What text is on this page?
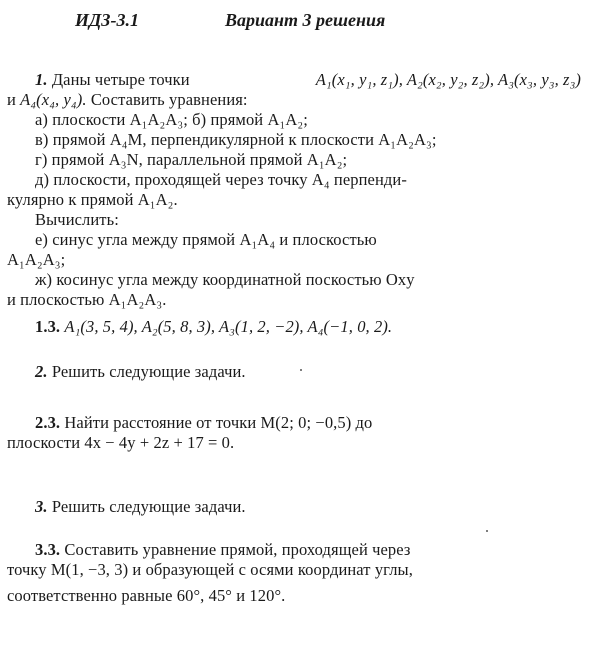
ИДЗ-3.1	Вариант 3 решения
1. Даны четыре точки	A₁(x₁, y₁, z₁), A₂(x₂, y₂, z₂), A₃(x₃, y₃, z₃)
и A₄(x₄, y₄). Составить уравнения:
а) плоскости A₁A₂A₃; б) прямой A₁A₂;
в) прямой A₄M, перпендикулярной к плоскости A₁A₂A₃;
г) прямой A₃N, параллельной прямой A₁A₂;
д) плоскости, проходящей через точку A₄ перпенди-
кулярно к прямой A₁A₂.
Вычислить:
е) синус угла между прямой A₁A₄ и плоскостью
A₁A₂A₃;
ж) косинус угла между координатной поскостью Oxy
и плоскостью A₁A₂A₃.
1.3. A₁(3, 5, 4), A₂(5, 8, 3), A₃(1, 2, −2), A₄(−1, 0, 2).
2. Решить следующие задачи.
2.3. Найти расстояние от точки M(2; 0; −0,5) до
плоскости 4x − 4y + 2z + 17 = 0.
3. Решить следующие задачи.
3.3. Составить уравнение прямой, проходящей через
точку M(1, −3, 3) и образующей с осями координат углы,
соответственно равные 60°, 45° и 120°.
